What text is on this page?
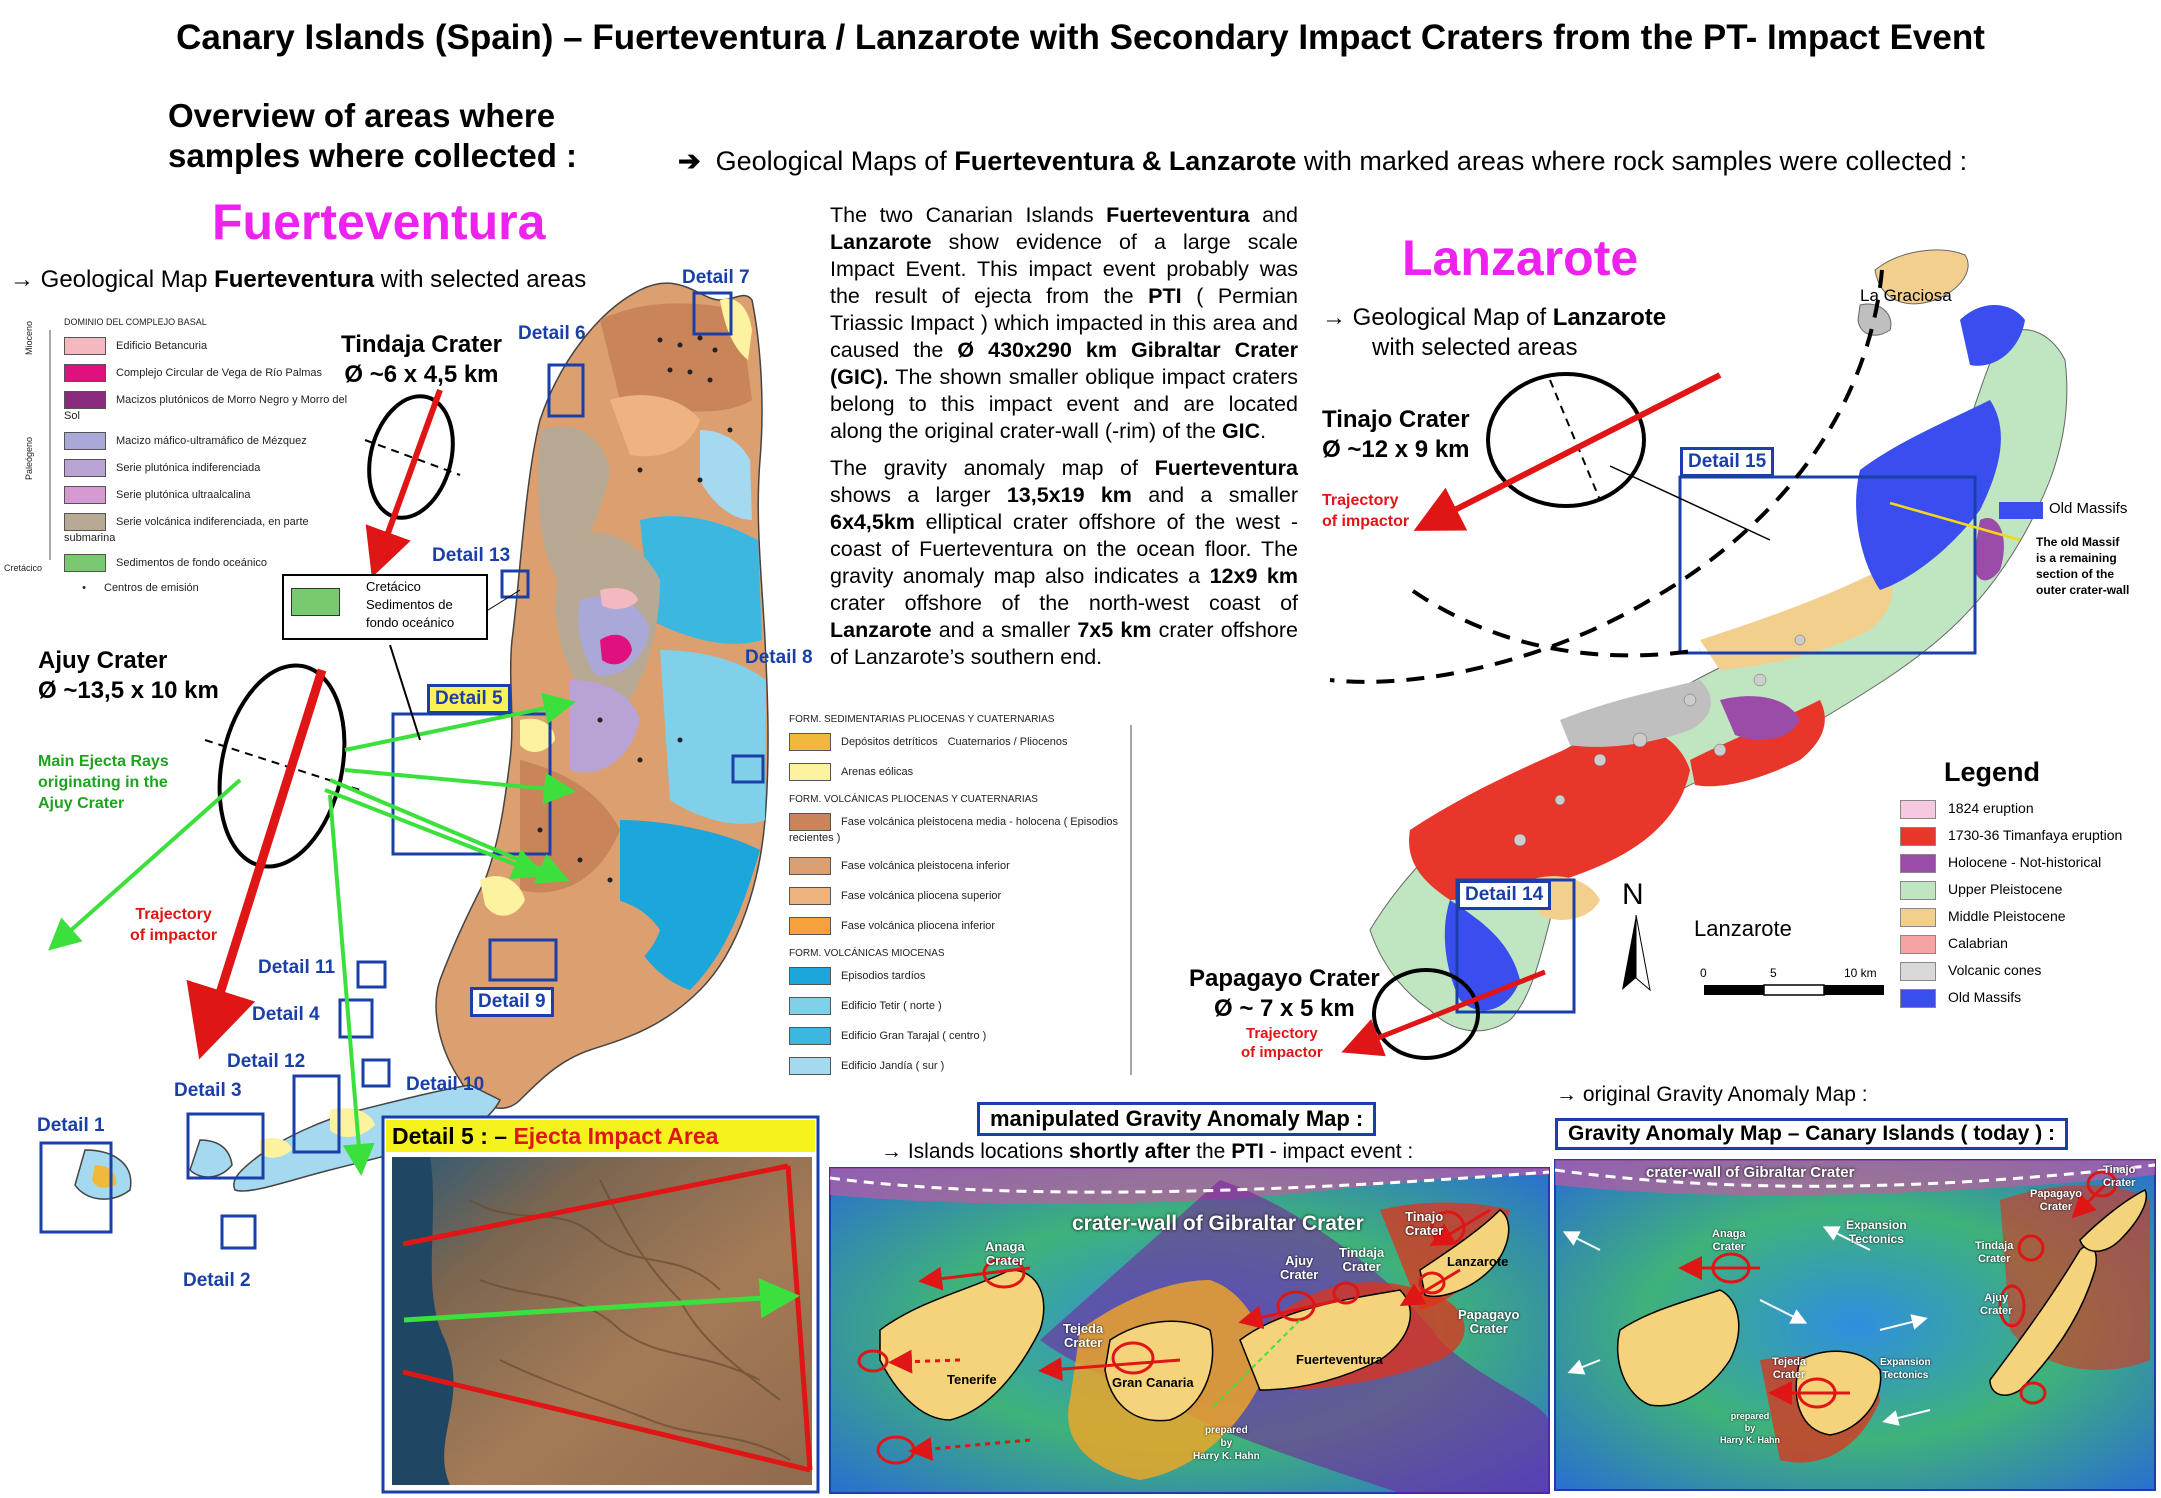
Canary Islands (Spain) – Fuerteventura / Lanzarote with Secondary Impact Craters from the PT- Impact Event
Overview of areas where
samples where collected :	➔ Geological Maps of Fuerteventura & Lanzarote with marked areas where rock samples were collected :
Fuerteventura
→ Geological Map Fuerteventura with selected areas
DOMINIO DEL COMPLEJO BASAL
Edificio Betancuria
Complejo Circular de Vega de Río Palmas
Macizos plutónicos de Morro Negro y Morro del Sol
Macizo máfico-ultramáfico de Mézquez
Serie plutónica indiferenciada
Serie plutónica ultraalcalina
Serie volcánica indiferenciada, en parte submarina
Sedimentos de fondo oceánico
• Centros de emisión
Mioceno
Paleógeno
Cretácico
Tindaja Crater
Ø ~6 x 4,5 km
Cretácico
Sedimentos de
fondo oceánico
Ajuy Crater
Ø ~13,5 x 10 km
Main Ejecta Rays
originating in the
Ajuy Crater
Trajectory
of impactor
Detail 7
Detail 6
Detail 13
Detail 8
Detail 5
Detail 11
Detail 9
Detail 4
Detail 12
Detail 10
Detail 3
Detail 1
Detail 2

The two Canarian Islands Fuerteventura and Lanzarote show evidence of a large scale Impact Event. This impact event probably was the result of ejecta from the PTI ( Permian Triassic Impact ) which impacted in this area and caused the Ø 430x290 km Gibraltar Crater (GIC). The shown smaller oblique impact craters belong to this impact event and are located along the original crater-wall (-rim) of the GIC.

The gravity anomaly map of Fuerteventura shows a larger 13,5x19 km and a smaller 6x4,5km elliptical crater offshore of the west -coast of Fuerteventura on the ocean floor. The gravity anomaly map also indicates a 12x9 km crater offshore of the north-west coast of Lanzarote and a smaller 7x5 km crater offshore of Lanzarote’s southern end.

FORM. SEDIMENTARIAS PLIOCENAS Y CUATERNARIAS
Depósitos detríticos Cuaternarios / Pliocenos
Arenas eólicas
FORM. VOLCÁNICAS PLIOCENAS Y CUATERNARIAS
Fase volcánica pleistocena media - holocena ( Episodios recientes )
Fase volcánica pleistocena inferior
Fase volcánica pliocena superior
Fase volcánica pliocena inferior
FORM. VOLCÁNICAS MIOCENAS
Episodios tardíos
Edificio Tetir ( norte )
Edificio Gran Tarajal ( centro )
Edificio Jandía ( sur )
Lanzarote
→ Geological Map of Lanzarote
with selected areas
La Graciosa
Tinajo Crater
Ø ~12 x 9 km
Trajectory
of impactor
Detail 15
Detail 14
Old Massifs
The old Massif
is a remaining
section of the
outer crater-wall
Papagayo Crater
Ø ~ 7 x 5 km
Trajectory
of impactor
N
Lanzarote
0	5	10 km
Legend
1824 eruption
1730-36 Timanfaya eruption
Holocene - Not-historical
Upper Pleistocene
Middle Pleistocene
Calabrian
Volcanic cones
Old Massifs
Detail 5 : – Ejecta Impact Area
manipulated Gravity Anomaly Map :
→ Islands locations shortly after the PTI - impact event :
crater-wall of Gibraltar Crater
Anaga
Crater
Tejeda
Crater
Ajuy
Crater
Tindaja
Crater
Tinajo
Crater
Papagayo
Crater
Tenerife	Gran Canaria
Fuerteventura
Lanzarote
prepared
by
Harry K. Hahn
→ original Gravity Anomaly Map :
Gravity Anomaly Map – Canary Islands ( today ) :
crater-wall of Gibraltar Crater
Anaga
Crater
Tejeda
Crater
Ajuy
Crater
Tindaja
Crater
Tinajo
Crater
Papagayo
Crater
Expansion
Tectonics
Expansion
Tectonics
prepared
by
Harry K. Hahn
